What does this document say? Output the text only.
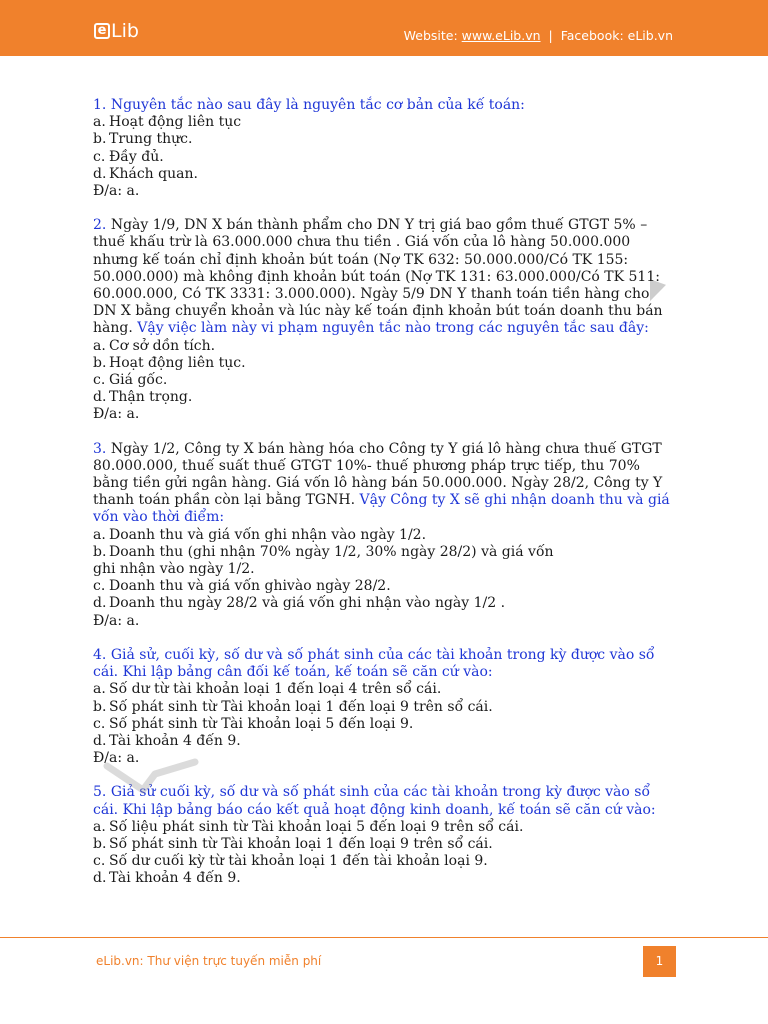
e Lib	Website: www.eLib.vn | Facebook: eLib.vn
1. Nguyên tắc nào sau đây là nguyên tắc cơ bản của kế toán:
a. Hoạt động liên tục
b. Trung thực.
c. Đầy đủ.
d. Khách quan.
Đ/a: a.
2. Ngày 1/9, DN X bán thành phẩm cho DN Y trị giá bao gồm thuế GTGT 5% – thuế khấu trừ là 63.000.000 chưa thu tiền . Giá vốn của lô hàng 50.000.000 nhưng kế toán chỉ định khoản bút toán (Nợ TK 632: 50.000.000/Có TK 155: 50.000.000) mà không định khoản bút toán (Nợ TK 131: 63.000.000/Có TK 511: 60.000.000, Có TK 3331: 3.000.000). Ngày 5/9 DN Y thanh toán tiền hàng cho DN X bằng chuyển khoản và lúc này kế toán định khoản bút toán doanh thu bán hàng. Vậy việc làm này vi phạm nguyên tắc nào trong các nguyên tắc sau đây:
a. Cơ sở dồn tích.
b. Hoạt động liên tục.
c. Giá gốc.
d. Thận trọng.
Đ/a: a.
3. Ngày 1/2, Công ty X bán hàng hóa cho Công ty Y giá lô hàng chưa thuế GTGT 80.000.000, thuế suất thuế GTGT 10%- thuế phương pháp trực tiếp, thu 70% bằng tiền gửi ngân hàng. Giá vốn lô hàng bán 50.000.000. Ngày 28/2, Công ty Y thanh toán phần còn lại bằng TGNH. Vậy Công ty X sẽ ghi nhận doanh thu và giá vốn vào thời điểm:
a. Doanh thu và giá vốn ghi nhận vào ngày 1/2.
b. Doanh thu (ghi nhận 70% ngày 1/2, 30% ngày 28/2) và giá vốn
ghi nhận vào ngày 1/2.
c. Doanh thu và giá vốn ghivào ngày 28/2.
d. Doanh thu ngày 28/2 và giá vốn ghi nhận vào ngày 1/2 .
Đ/a: a.
4. Giả sử, cuối kỳ, số dư và số phát sinh của các tài khoản trong kỳ được vào sổ cái. Khi lập bảng cân đối kế toán, kế toán sẽ căn cứ vào:
a. Số dư từ tài khoản loại 1 đến loại 4 trên sổ cái.
b. Số phát sinh từ Tài khoản loại 1 đến loại 9 trên sổ cái.
c. Số phát sinh từ Tài khoản loại 5 đến loại 9.
d. Tài khoản 4 đến 9.
Đ/a: a.
5. Giả sử cuối kỳ, số dư và số phát sinh của các tài khoản trong kỳ được vào sổ cái. Khi lập bảng báo cáo kết quả hoạt động kinh doanh, kế toán sẽ căn cứ vào:
a. Số liệu phát sinh từ Tài khoản loại 5 đến loại 9 trên sổ cái.
b. Số phát sinh từ Tài khoản loại 1 đến loại 9 trên sổ cái.
c. Số dư cuối kỳ từ tài khoản loại 1 đến tài khoản loại 9.
d. Tài khoản 4 đến 9.
eLib.vn: Thư viện trực tuyến miễn phí	1
